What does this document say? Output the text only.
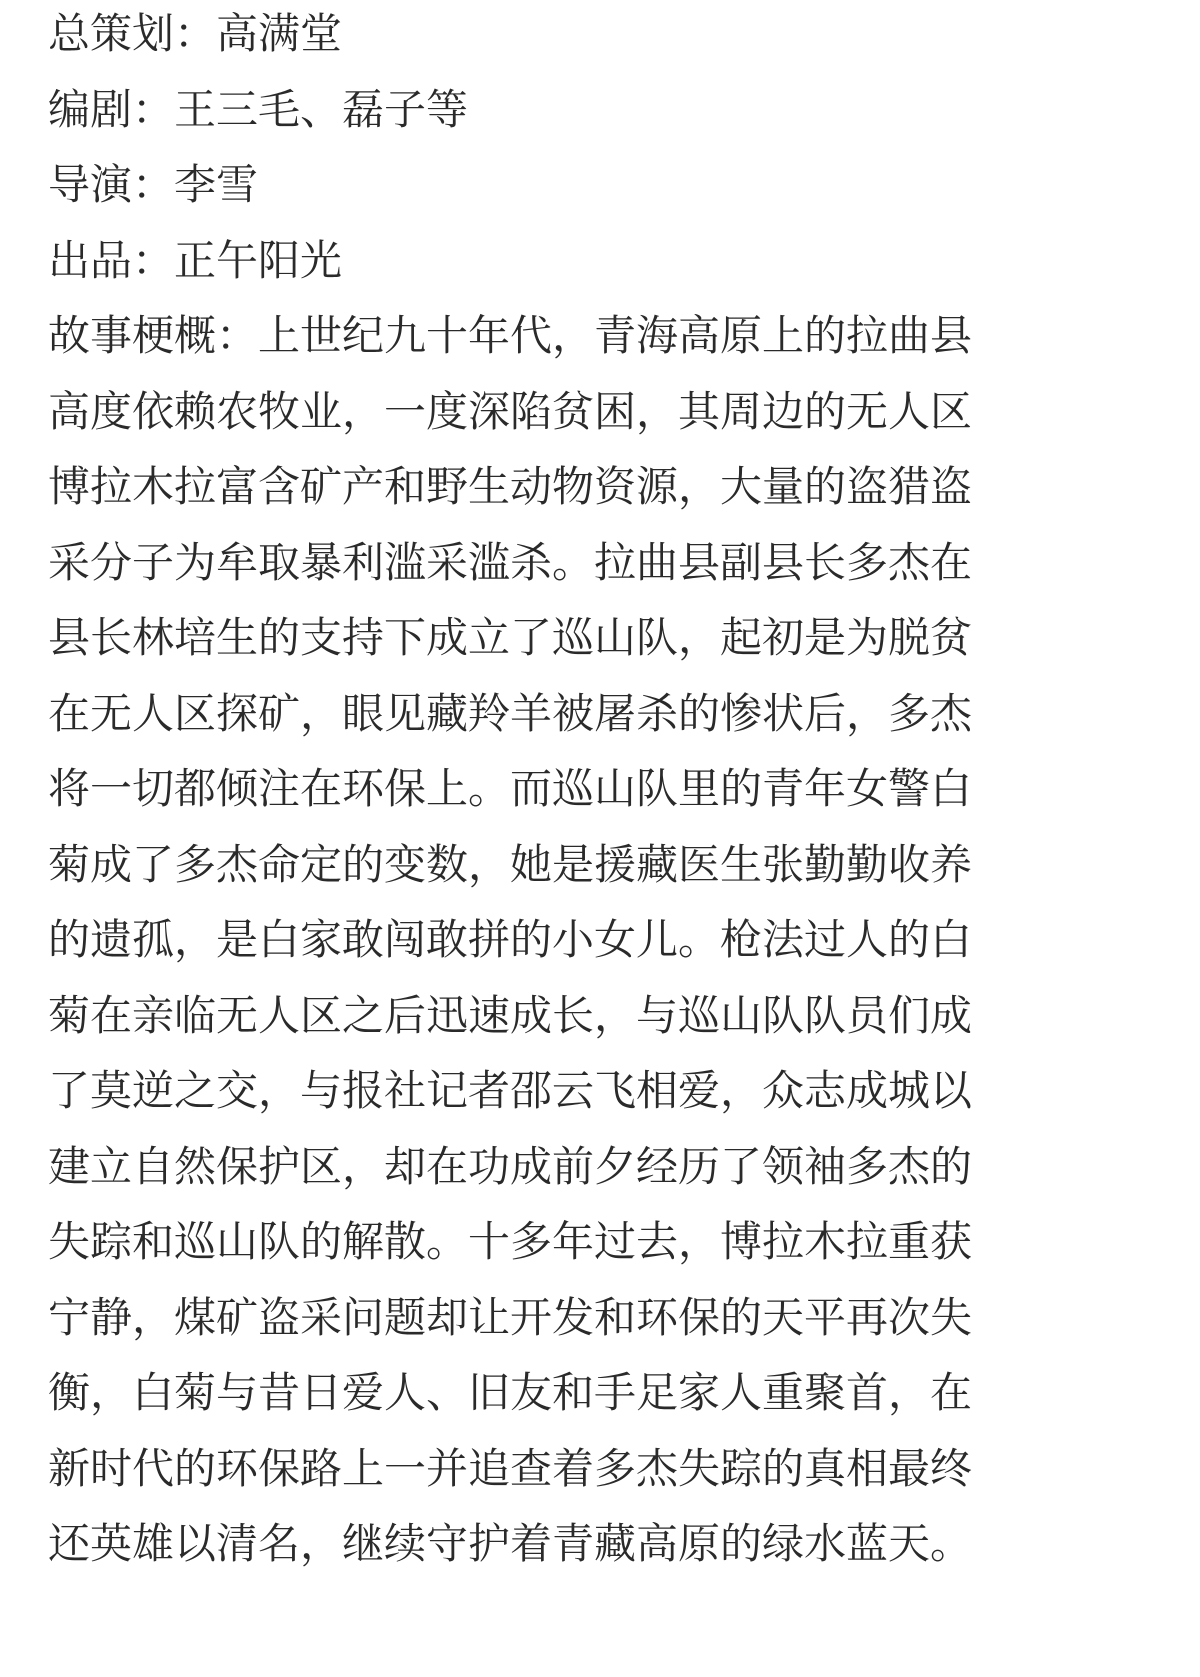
总策划：高满堂
编剧：王三毛、磊子等
导演：李雪
出品：正午阳光
故事梗概：上世纪九十年代，青海高原上的拉曲县
高度依赖农牧业，一度深陷贫困，其周边的无人区
博拉木拉富含矿产和野生动物资源，大量的盗猎盗
采分子为牟取暴利滥采滥杀。拉曲县副县长多杰在
县长林培生的支持下成立了巡山队，起初是为脱贫
在无人区探矿，眼见藏羚羊被屠杀的惨状后，多杰
将一切都倾注在环保上。而巡山队里的青年女警白
菊成了多杰命定的变数，她是援藏医生张勤勤收养
的遗孤，是白家敢闯敢拼的小女儿。枪法过人的白
菊在亲临无人区之后迅速成长，与巡山队队员们成
了莫逆之交，与报社记者邵云飞相爱，众志成城以
建立自然保护区，却在功成前夕经历了领袖多杰的
失踪和巡山队的解散。十多年过去，博拉木拉重获
宁静，煤矿盗采问题却让开发和环保的天平再次失
衡，白菊与昔日爱人、旧友和手足家人重聚首，在
新时代的环保路上一并追查着多杰失踪的真相最终
还英雄以清名，继续守护着青藏高原的绿水蓝天。
